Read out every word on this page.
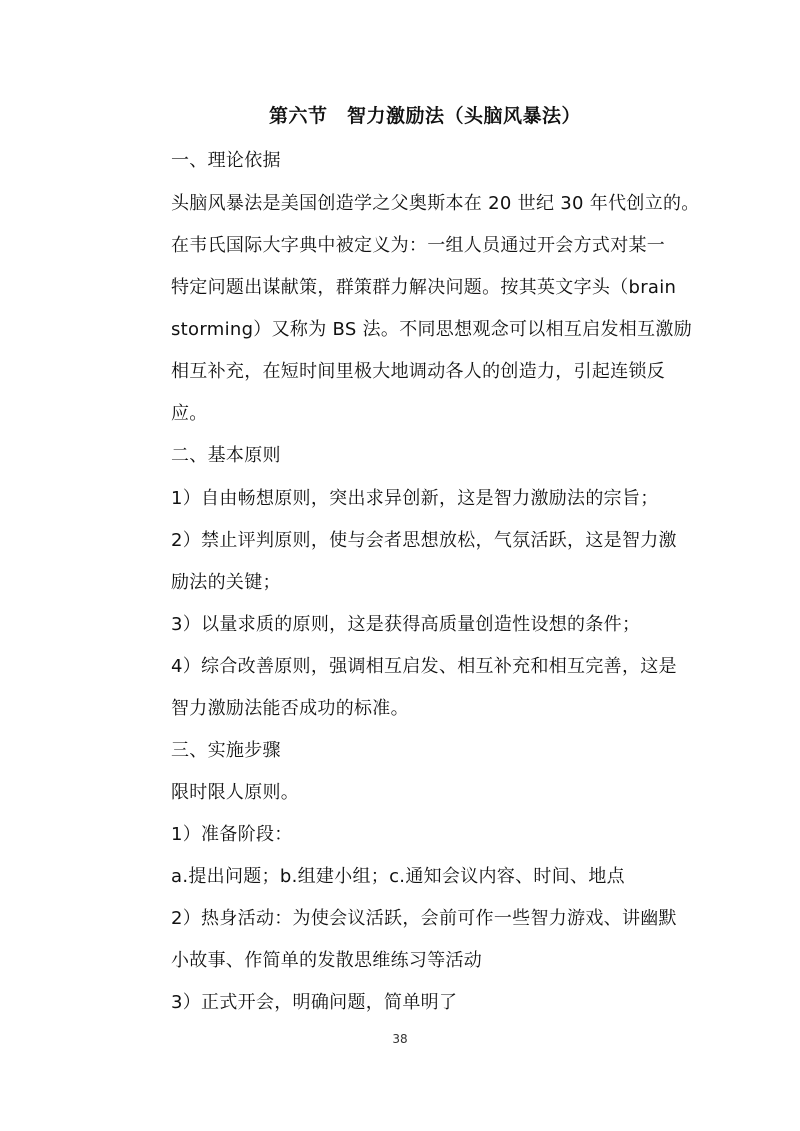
第六节　智力激励法（头脑风暴法）
一、理论依据
头脑风暴法是美国创造学之父奥斯本在 20 世纪 30 年代创立的。
在韦氏国际大字典中被定义为：一组人员通过开会方式对某一
特定问题出谋献策，群策群力解决问题。按其英文字头（brain
storming）又称为 BS 法。不同思想观念可以相互启发相互激励
相互补充，在短时间里极大地调动各人的创造力，引起连锁反
应。
二、基本原则
1）自由畅想原则，突出求异创新，这是智力激励法的宗旨；
2）禁止评判原则，使与会者思想放松，气氛活跃，这是智力激
励法的关键；
3）以量求质的原则，这是获得高质量创造性设想的条件；
4）综合改善原则，强调相互启发、相互补充和相互完善，这是
智力激励法能否成功的标准。
三、实施步骤
限时限人原则。
1）准备阶段：
a.提出问题；b.组建小组；c.通知会议内容、时间、地点
2）热身活动：为使会议活跃，会前可作一些智力游戏、讲幽默
小故事、作简单的发散思维练习等活动
3）正式开会，明确问题，简单明了
38
